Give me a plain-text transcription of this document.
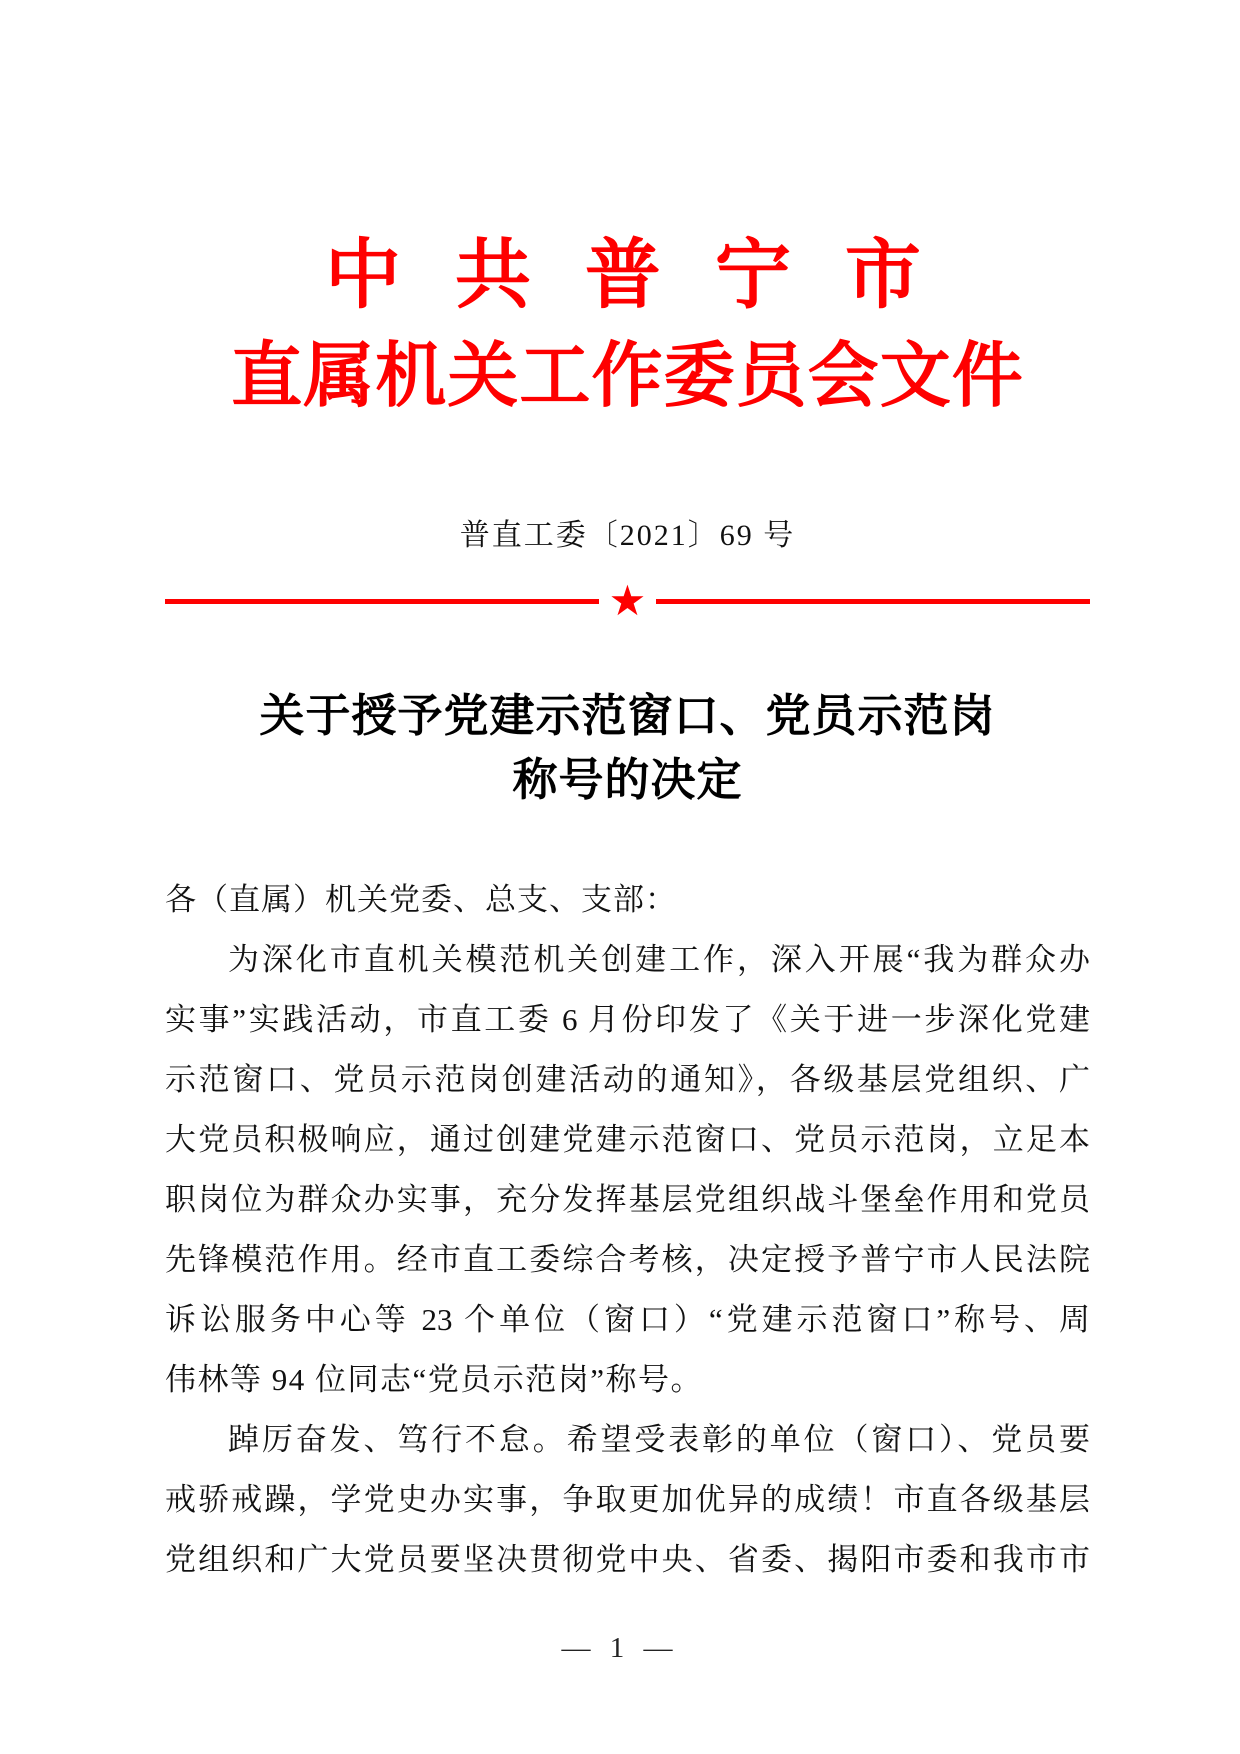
中 共 普 宁 市
直属机关工作委员会文件
普直工委〔2021〕69 号
★
关于授予党建示范窗口、党员示范岗
称号的决定
各（直属）机关党委、总支、支部：
为深化市直机关模范机关创建工作，深入开展“我为群众办
实事”实践活动，市直工委 6 月份印发了《关于进一步深化党建
示范窗口、党员示范岗创建活动的通知》，各级基层党组织、广
大党员积极响应，通过创建党建示范窗口、党员示范岗，立足本
职岗位为群众办实事，充分发挥基层党组织战斗堡垒作用和党员
先锋模范作用。经市直工委综合考核，决定授予普宁市人民法院
诉讼服务中心等 23 个单位（窗口）“党建示范窗口”称号、周
伟林等 94 位同志“党员示范岗”称号。
踔厉奋发、笃行不怠。希望受表彰的单位（窗口）、党员要
戒骄戒躁，学党史办实事，争取更加优异的成绩！市直各级基层
党组织和广大党员要坚决贯彻党中央、省委、揭阳市委和我市市
— 1 —
